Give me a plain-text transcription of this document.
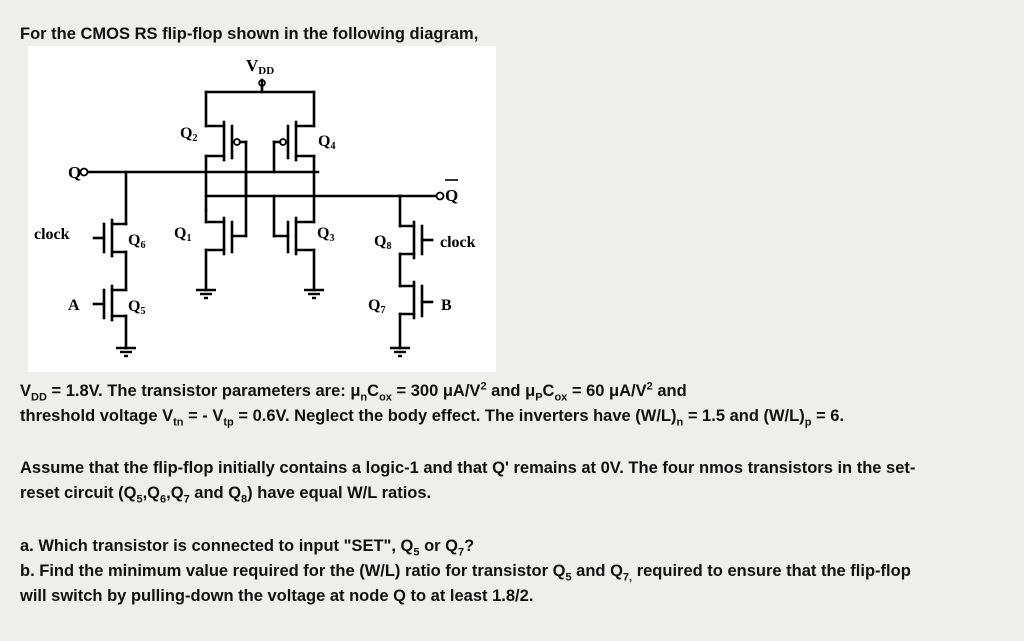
For the CMOS RS flip-flop shown in the following diagram,
VDD
Q
Q
clock	clock
A	B
Q2	Q4
Q1	Q3
Q6
Q5
Q8
Q7
$V_{DD} = 1.8V$. The transistor parameters are: $\mu_nC_{ox} = 300$ $\mu A/V^2$ and $\mu_PC_{ox} = 60$ $\mu A/V^2$ and
threshold voltage $V_{tn}$ = - $V_{tp} = 0.6V$. Neglect the body effect. The inverters have $(W/L)_n = 1.5$ and $(W/L)_p = 6$.
Assume that the flip-flop initially contains a logic-1 and that Q' remains at 0V. The four nmos transistors in the set-
reset circuit ($Q_5,Q_6,Q_7$ and $Q_8$) have equal W/L ratios.
a. Which transistor is connected to input "SET", $Q_5$ or $Q_7$?
b. Find the minimum value required for the (W/L) ratio for transistor $Q_5$ and $Q_{7,}$ required to ensure that the flip-flop
will switch by pulling-down the voltage at node Q to at least 1.8/2.
